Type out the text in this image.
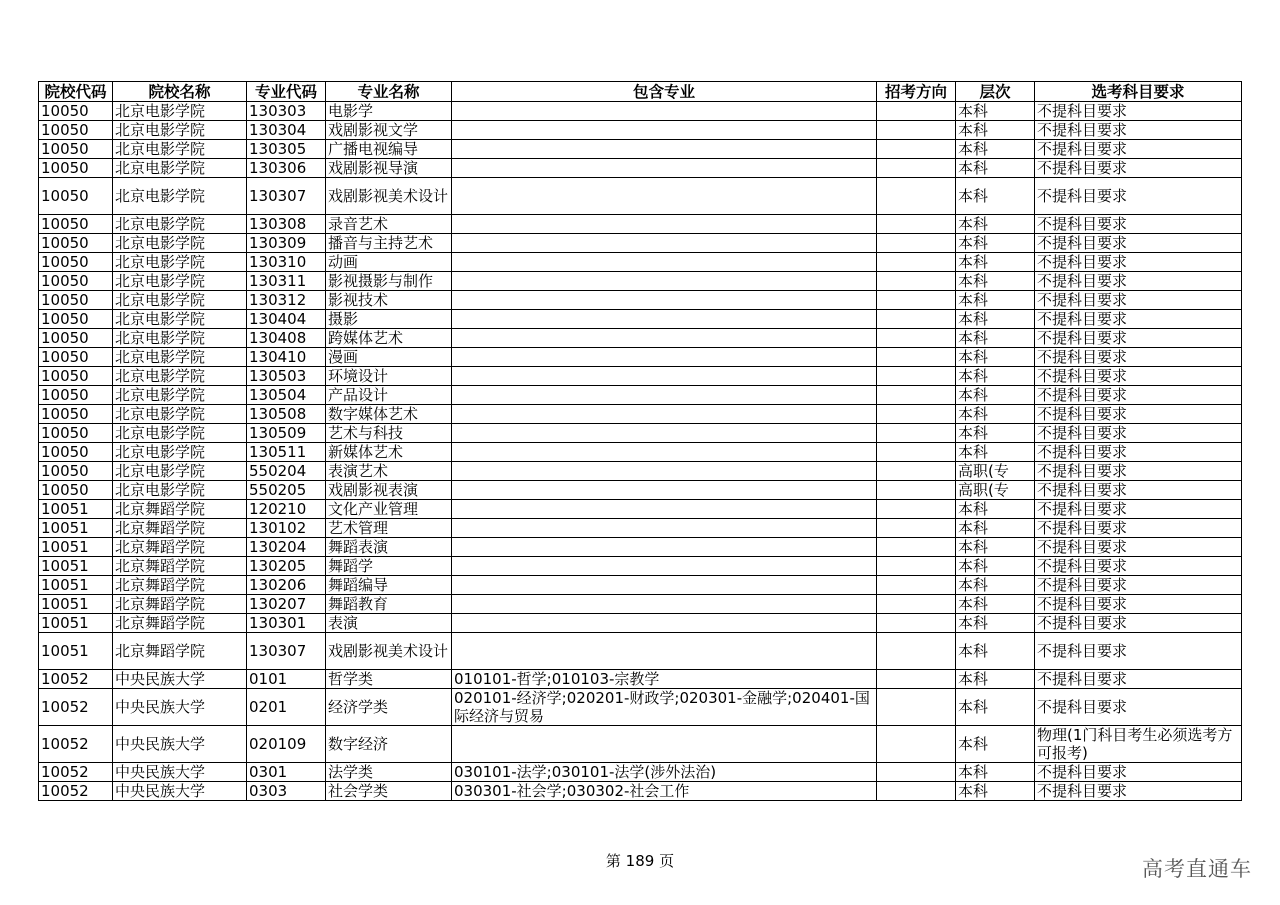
院校代码	院校名称	专业代码	专业名称	包含专业	招考方向	层次	选考科目要求
10050	北京电影学院	130303	电影学			本科	不提科目要求
10050	北京电影学院	130304	戏剧影视文学			本科	不提科目要求
10050	北京电影学院	130305	广播电视编导			本科	不提科目要求
10050	北京电影学院	130306	戏剧影视导演			本科	不提科目要求
10050	北京电影学院	130307	戏剧影视美术设计			本科	不提科目要求
10050	北京电影学院	130308	录音艺术			本科	不提科目要求
10050	北京电影学院	130309	播音与主持艺术			本科	不提科目要求
10050	北京电影学院	130310	动画			本科	不提科目要求
10050	北京电影学院	130311	影视摄影与制作			本科	不提科目要求
10050	北京电影学院	130312	影视技术			本科	不提科目要求
10050	北京电影学院	130404	摄影			本科	不提科目要求
10050	北京电影学院	130408	跨媒体艺术			本科	不提科目要求
10050	北京电影学院	130410	漫画			本科	不提科目要求
10050	北京电影学院	130503	环境设计			本科	不提科目要求
10050	北京电影学院	130504	产品设计			本科	不提科目要求
10050	北京电影学院	130508	数字媒体艺术			本科	不提科目要求
10050	北京电影学院	130509	艺术与科技			本科	不提科目要求
10050	北京电影学院	130511	新媒体艺术			本科	不提科目要求
10050	北京电影学院	550204	表演艺术			高职(专	不提科目要求
10050	北京电影学院	550205	戏剧影视表演			高职(专	不提科目要求
10051	北京舞蹈学院	120210	文化产业管理			本科	不提科目要求
10051	北京舞蹈学院	130102	艺术管理			本科	不提科目要求
10051	北京舞蹈学院	130204	舞蹈表演			本科	不提科目要求
10051	北京舞蹈学院	130205	舞蹈学			本科	不提科目要求
10051	北京舞蹈学院	130206	舞蹈编导			本科	不提科目要求
10051	北京舞蹈学院	130207	舞蹈教育			本科	不提科目要求
10051	北京舞蹈学院	130301	表演			本科	不提科目要求
10051	北京舞蹈学院	130307	戏剧影视美术设计			本科	不提科目要求
10052	中央民族大学	0101	哲学类	010101-哲学;010103-宗教学		本科	不提科目要求
10052	中央民族大学	0201	经济学类	020101-经济学;020201-财政学;020301-金融学;020401-国际经济与贸易		本科	不提科目要求
10052	中央民族大学	020109	数字经济			本科	物理(1门科目考生必须选考方可报考)
10052	中央民族大学	0301	法学类	030101-法学;030101-法学(涉外法治)		本科	不提科目要求
10052	中央民族大学	0303	社会学类	030301-社会学;030302-社会工作		本科	不提科目要求
第 189 页	高考直通车
